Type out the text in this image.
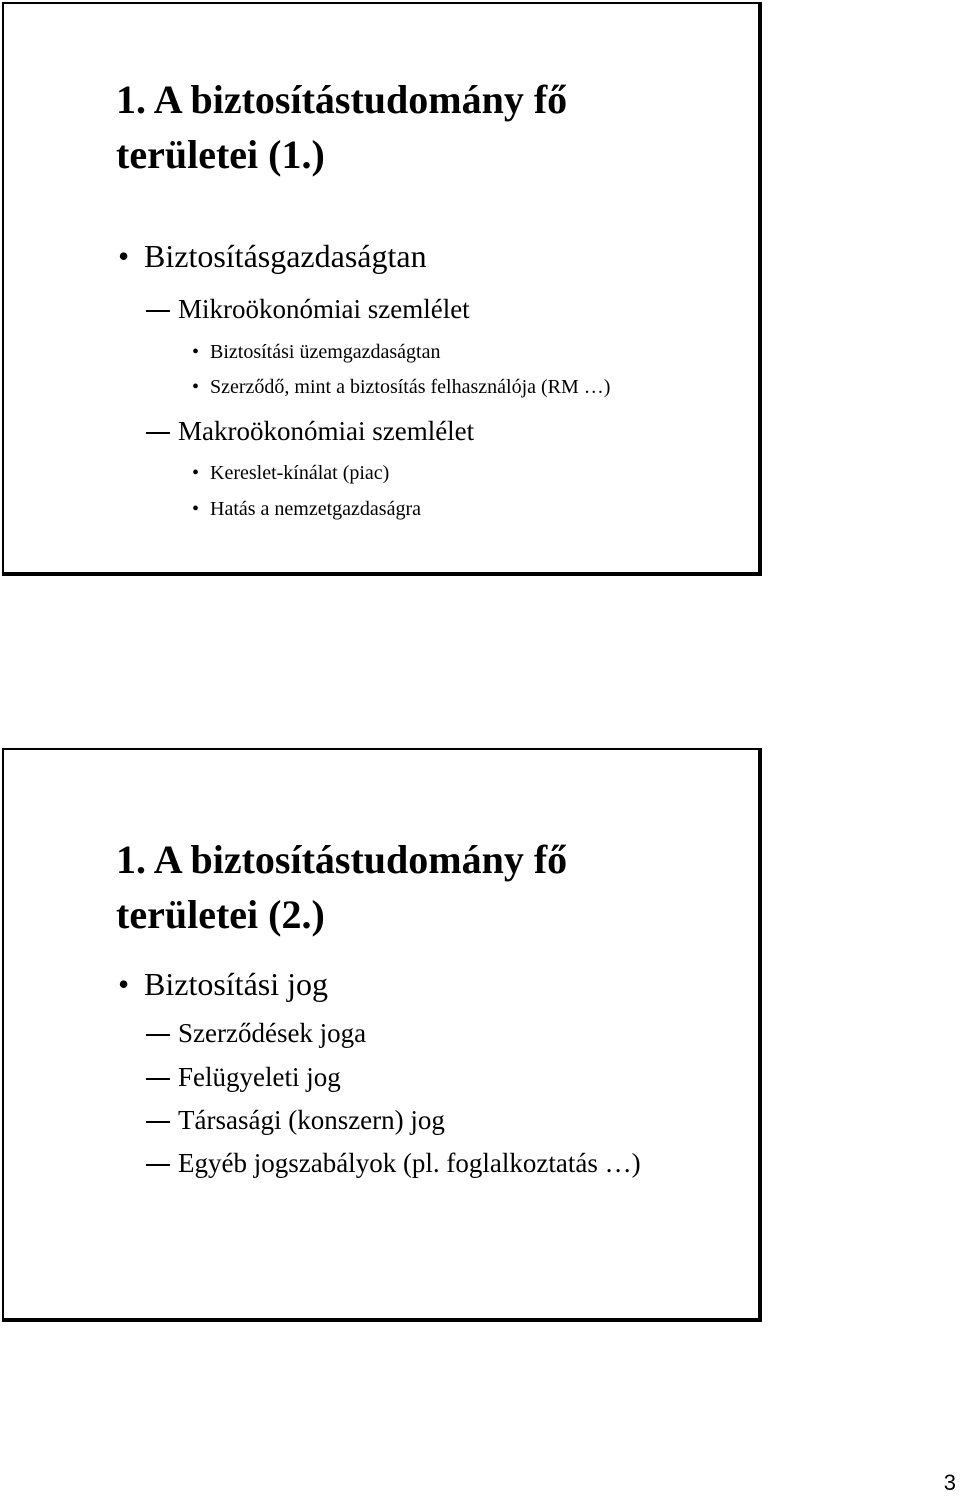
1. A biztosítástudomány fő
területei (1.)
• Biztosításgazdaságtan
Mikroökonómiai szemlélet
• Biztosítási üzemgazdaságtan
• Szerződő, mint a biztosítás felhasználója (RM …)
Makroökonómiai szemlélet
• Kereslet-kínálat (piac)
• Hatás a nemzetgazdaságra
1. A biztosítástudomány fő
területei (2.)
• Biztosítási jog
Szerződések joga
Felügyeleti jog
Társasági (konszern) jog
Egyéb jogszabályok (pl. foglalkoztatás …)
3
